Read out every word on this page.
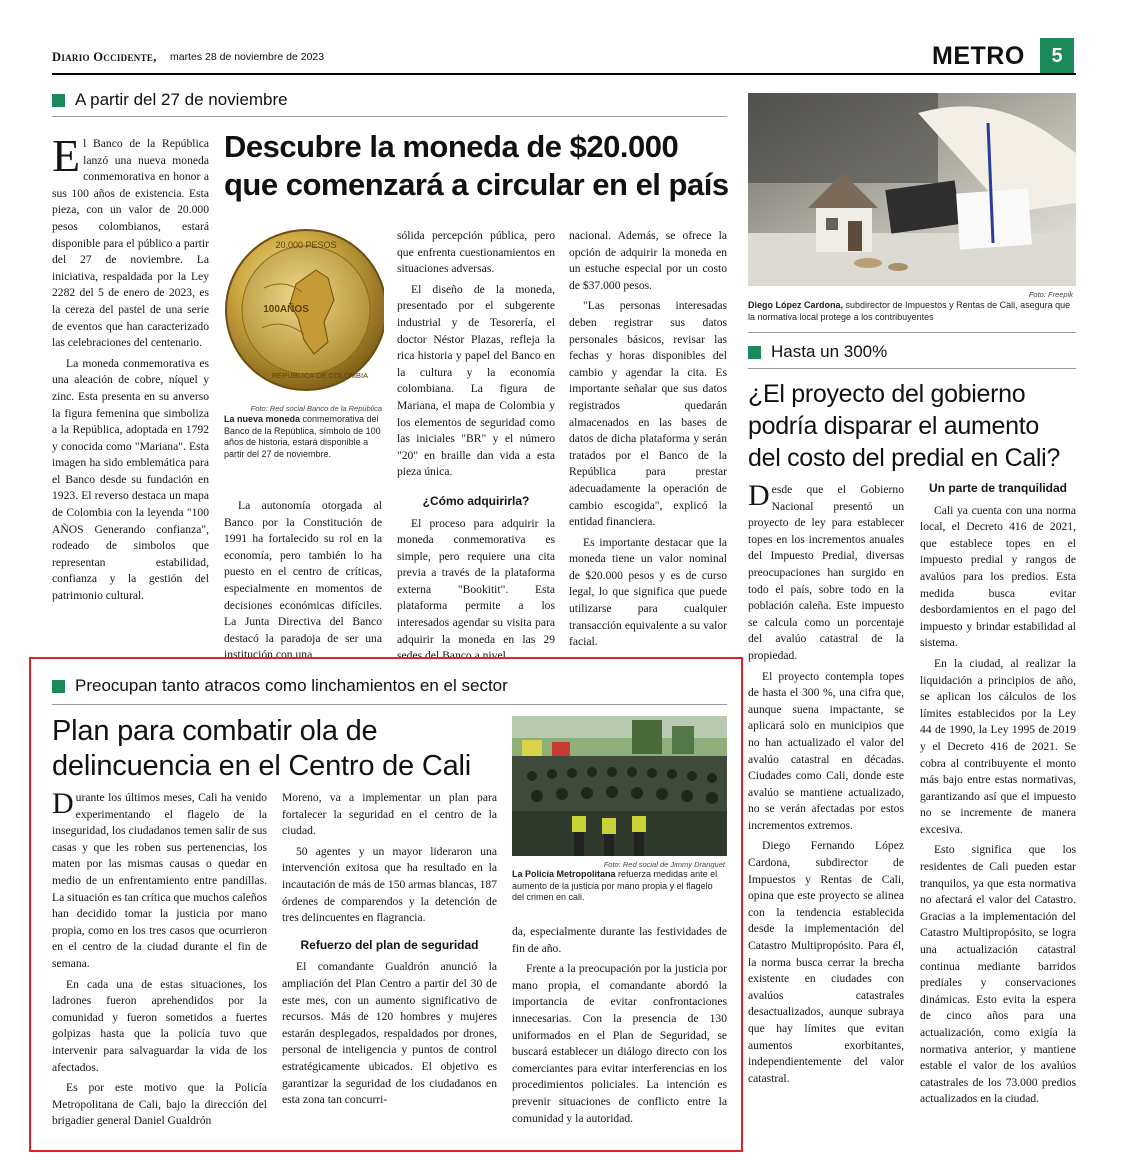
Diario Occidente, martes 28 de noviembre de 2023	METRO	5
A partir del 27 de noviembre

El Banco de la República lanzó una nueva moneda conmemorativa en honor a sus 100 años de existencia. Esta pieza, con un valor de 20.000 pesos colombianos, estará disponible para el público a partir del 27 de noviembre. La iniciativa, respaldada por la Ley 2282 del 5 de enero de 2023, es la cereza del pastel de una serie de eventos que han caracterizado las celebraciones del centenario.

La moneda conmemorativa es una aleación de cobre, níquel y zinc. Esta presenta en su anverso la figura femenina que simboliza a la República, adoptada en 1792 y conocida como "Mariana". Esta imagen ha sido emblemática para el Banco desde su fundación en 1923. El reverso destaca un mapa de Colombia con la leyenda "100 AÑOS Generando confianza", rodeado de simbolos que representan estabilidad, confianza y la gestión del patrimonio cultural.

Descubre la moneda de $20.000 que comenzará a circular en el país
20.000 PESOS
100AÑOS
REPUBLICA DE COLOMBIA
Foto: Red social Banco de la República
La nueva moneda conmemorativa del Banco de la República, símbolo de 100 años de historia, estará disponible a partir del 27 de noviembre.

La autonomía otorgada al Banco por la Constitución de 1991 ha fortalecido su rol en la economía, pero también lo ha puesto en el centro de críticas, especialmente en momentos de decisiones económicas difíciles. La Junta Directiva del Banco destacó la paradoja de ser una institución con una

sólida percepción pública, pero que enfrenta cuestionamientos en situaciones adversas.

El diseño de la moneda, presentado por el subgerente industrial y de Tesorería, el doctor Néstor Plazas, refleja la rica historia y papel del Banco en la cultura y la economía colombiana. La figura de Mariana, el mapa de Colombia y los elementos de seguridad como las iniciales "BR" y el número "20" en braille dan vida a esta pieza única.

¿Cómo adquirirla?

El proceso para adquirir la moneda conmemorativa es simple, pero requiere una cita previa a través de la plataforma externa "Bookitit". Esta plataforma permite a los interesados agendar su visita para adquirir la moneda en las 29 sedes del Banco a nivel

nacional. Además, se ofrece la opción de adquirir la moneda en un estuche especial por un costo de $37.000 pesos.

"Las personas interesadas deben registrar sus datos personales básicos, revisar las fechas y horas disponibles del cambio y agendar la cita. Es importante señalar que sus datos registrados quedarán almacenados en las bases de datos de dicha plataforma y serán tratados por el Banco de la República para prestar adecuadamente la operación de cambio escogida", explicó la entidad financiera.

Es importante destacar que la moneda tiene un valor nominal de $20.000 pesos y es de curso legal, lo que significa que puede utilizarse para cualquier transacción equivalente a su valor facial.

Foto: Freepik
Diego López Cardona, subdirector de Impuestos y Rentas de Cali, asegura que la normativa local protege a los contribuyentes
Hasta un 300%
¿El proyecto del gobierno podría disparar el aumento del costo del predial en Cali?

Desde que el Gobierno Nacional presentó un proyecto de ley para establecer topes en los incrementos anuales del Impuesto Predial, diversas preocupaciones han surgido en todo el país, sobre todo en la población caleña. Este impuesto se calcula como un porcentaje del avalúo catastral de la propiedad.

El proyecto contempla topes de hasta el 300 %, una cifra que, aunque suena impactante, se aplicará solo en municipios que no han actualizado el valor del avalúo catastral en décadas. Ciudades como Cali, donde este avalúo se mantiene actualizado, no se verán afectadas por estos incrementos extremos.

Diego Fernando López Cardona, subdirector de Impuestos y Rentas de Cali, opina que este proyecto se alinea con la tendencia establecida desde la implementación del Catastro Multipropósito. Para él, la norma busca cerrar la brecha existente en ciudades con avalúos catastrales desactualizados, aunque subraya que hay límites que evitan aumentos exorbitantes, independientemente del valor catastral.

Un parte de tranquilidad

Cali ya cuenta con una norma local, el Decreto 416 de 2021, que establece topes en el impuesto predial y rangos de avalúos para los predios. Esta medida busca evitar desbordamientos en el pago del impuesto y brindar estabilidad al sistema.

En la ciudad, al realizar la liquidación a principios de año, se aplican los cálculos de los límites establecidos por la Ley 44 de 1990, la Ley 1995 de 2019 y el Decreto 416 de 2021. Se cobra al contribuyente el monto más bajo entre estas normativas, garantizando así que el impuesto no se incremente de manera excesiva.

Esto significa que los residentes de Cali pueden estar tranquilos, ya que esta normativa no afectará el valor del Catastro. Gracias a la implementación del Catastro Multipropósito, se logra una actualización catastral continua mediante barridos prediales y conservaciones dinámicas. Esto evita la espera de cinco años para una actualización, como exigía la normativa anterior, y mantiene estable el valor de los avalúos catastrales de los 73.000 predios actualizados en la ciudad.

Preocupan tanto atracos como linchamientos en el sector
Plan para combatir ola de delincuencia en el Centro de Cali

Durante los últimos meses, Cali ha venido experimentando el flagelo de la inseguridad, los ciudadanos temen salir de sus casas y que les roben sus pertenencias, los maten por las mismas causas o quedar en medio de un enfrentamiento entre pandillas. La situación es tan crítica que muchos caleños han decidido tomar la justicia por mano propia, como en los tres casos que ocurrieron en el centro de la ciudad durante el fin de semana.

En cada una de estas situaciones, los ladrones fueron aprehendidos por la comunidad y fueron sometidos a fuertes golpizas hasta que la policía tuvo que intervenir para salvaguardar la vida de los afectados.

Es por este motivo que la Policía Metropolitana de Cali, bajo la dirección del brigadier general Daniel Gualdrón

Moreno, va a implementar un plan para fortalecer la seguridad en el centro de la ciudad.

50 agentes y un mayor lideraron una intervención exitosa que ha resultado en la incautación de más de 150 armas blancas, 187 órdenes de comparendos y la detención de tres delincuentes en flagrancia.

Refuerzo del plan de seguridad

El comandante Gualdrón anunció la ampliación del Plan Centro a partir del 30 de este mes, con un aumento significativo de recursos. Más de 120 hombres y mujeres estarán desplegados, respaldados por drones, personal de inteligencia y puntos de control estratégicamente ubicados. El objetivo es garantizar la seguridad de los ciudadanos en esta zona tan concurri-

Foto: Red social de Jimmy Dranguet
La Policía Metropolitana refuerza medidas ante el aumento de la justicia por mano propia y el flagelo del crimen en cali.

da, especialmente durante las festividades de fin de año.

Frente a la preocupación por la justicia por mano propia, el comandante abordó la importancia de evitar confrontaciones innecesarias. Con la presencia de 130 uniformados en el Plan de Seguridad, se buscará establecer un diálogo directo con los comerciantes para evitar interferencias en los procedimientos policiales. La intención es prevenir situaciones de conflicto entre la comunidad y la autoridad.
